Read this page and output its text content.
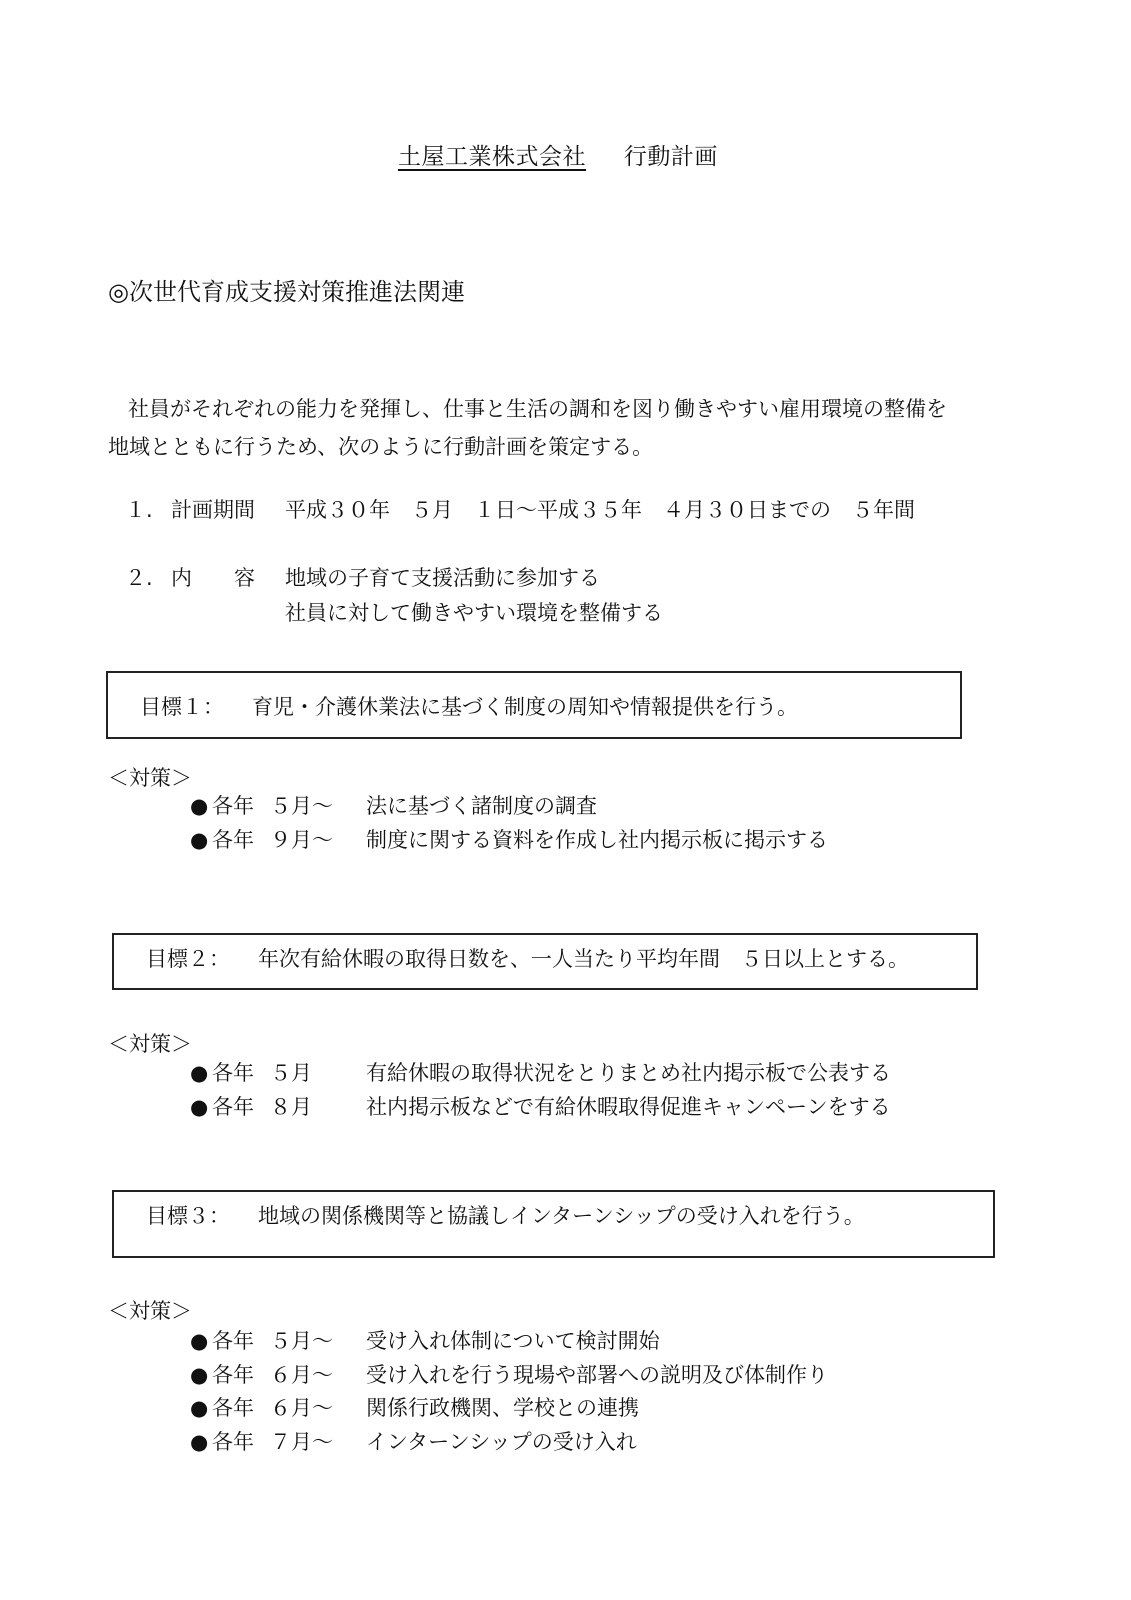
土屋工業株式会社 行動計画
◎次世代育成支援対策推進法関連
社員がそれぞれの能力を発揮し、仕事と生活の調和を図り働きやすい雇用環境の整備を
地域とともに行うため、次のように行動計画を策定する。
１. 計画期間 平成３０年　５月　１日～平成３５年　４月３０日までの　５年間
２. 内　　容 地域の子育て支援活動に参加する
社員に対して働きやすい環境を整備する
目標１： 育児・介護休業法に基づく制度の周知や情報提供を行う。
＜対策＞
● 各年 ５月～ 法に基づく諸制度の調査
● 各年 ９月～ 制度に関する資料を作成し社内掲示板に掲示する
目標２： 年次有給休暇の取得日数を、一人当たり平均年間　５日以上とする。
＜対策＞
● 各年 ５月	有給休暇の取得状況をとりまとめ社内掲示板で公表する
● 各年 ８月	社内掲示板などで有給休暇取得促進キャンペーンをする
目標３： 地域の関係機関等と協議しインターンシップの受け入れを行う。
＜対策＞
● 各年 ５月～ 受け入れ体制について検討開始
● 各年 ６月～ 受け入れを行う現場や部署への説明及び体制作り
● 各年 ６月～ 関係行政機関、学校との連携
● 各年 ７月～ インターンシップの受け入れ
